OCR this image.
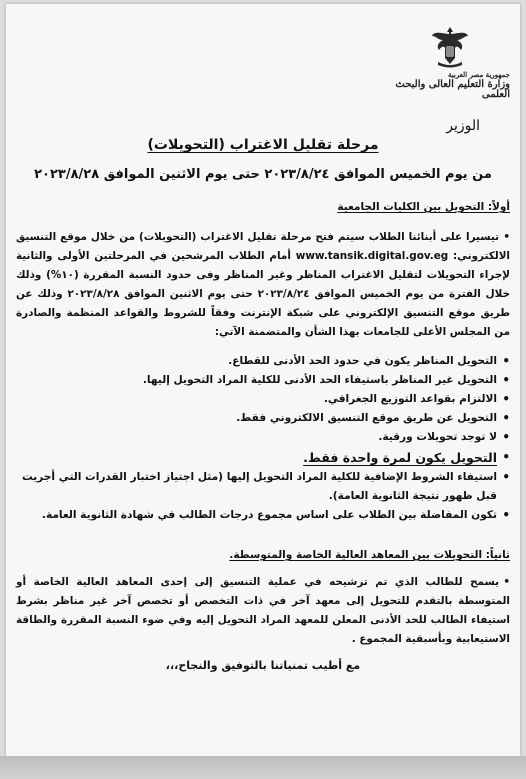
جمهورية مصر العربية
وزارة التعليم العالى والبحث العلمى
الوزير
مرحلة تقليل الاغتراب (التحويلات)
من يوم الخميس الموافق ٢٠٢٣/٨/٢٤ حتى يوم الاثنين الموافق ٢٠٢٣/٨/٢٨
أولاً: التحويل بين الكليات الجامعية

•تيسيرا على أبنائنا الطلاب سيتم فتح مرحلة تقليل الاغتراب (التحويلات) من خلال موقع التنسيق الالكتروني: www.tansik.digital.gov.eg أمام الطلاب المرشحين في المرحلتين الأولى والثانية لإجراء التحويلات لتقليل الاغتراب المناظر وغير المناظر وفى حدود النسبة المقررة (١٠%) وذلك خلال الفترة من يوم الخميس الموافق ٢٠٢٣/٨/٢٤ حتى يوم الاثنين الموافق ٢٠٢٣/٨/٢٨ وذلك عن طريق موقع التنسيق الإلكتروني على شبكة الإنترنت وفقاً للشروط والقواعد المنظمة والصادرة من المجلس الأعلى للجامعات بهذا الشأن والمتضمنة الآتي:

• التحويل المناظر يكون في حدود الحد الأدنى للقطاع.
• التحويل غير المناظر باستيفاء الحد الأدنى للكلية المراد التحويل إليها.
• الالتزام بقواعد التوزيع الجغرافي.
• التحويل عن طريق موقع التنسيق الالكتروني فقط.
• لا توجد تحويلات ورقية.
• التحويل يكون لمرة واحدة فقط.
• استيفاء الشروط الإضافية للكلية المراد التحويل إليها (مثل اجتياز اختبار القدرات التي أجريت قبل ظهور نتيجة الثانوية العامة).
• تكون المفاضلة بين الطلاب على اساس مجموع درجات الطالب في شهادة الثانوية العامة.
ثانياً: التحويلات بين المعاهد العالية الخاصة والمتوسطة.

•يسمح للطالب الذي تم ترشيحه في عملية التنسيق إلى إحدى المعاهد العالية الخاصة أو المتوسطة بالتقدم للتحويل إلى معهد آخر في ذات التخصص أو تخصص آخر غير مناظر بشرط استيفاء الطالب للحد الأدنى المعلن للمعهد المراد التحويل إليه وفي ضوء النسبة المقررة والطاقة الاستيعابية وبأسبقية المجموع .

مع أطيب تمنياتنا بالتوفيق والنجاح،،،
